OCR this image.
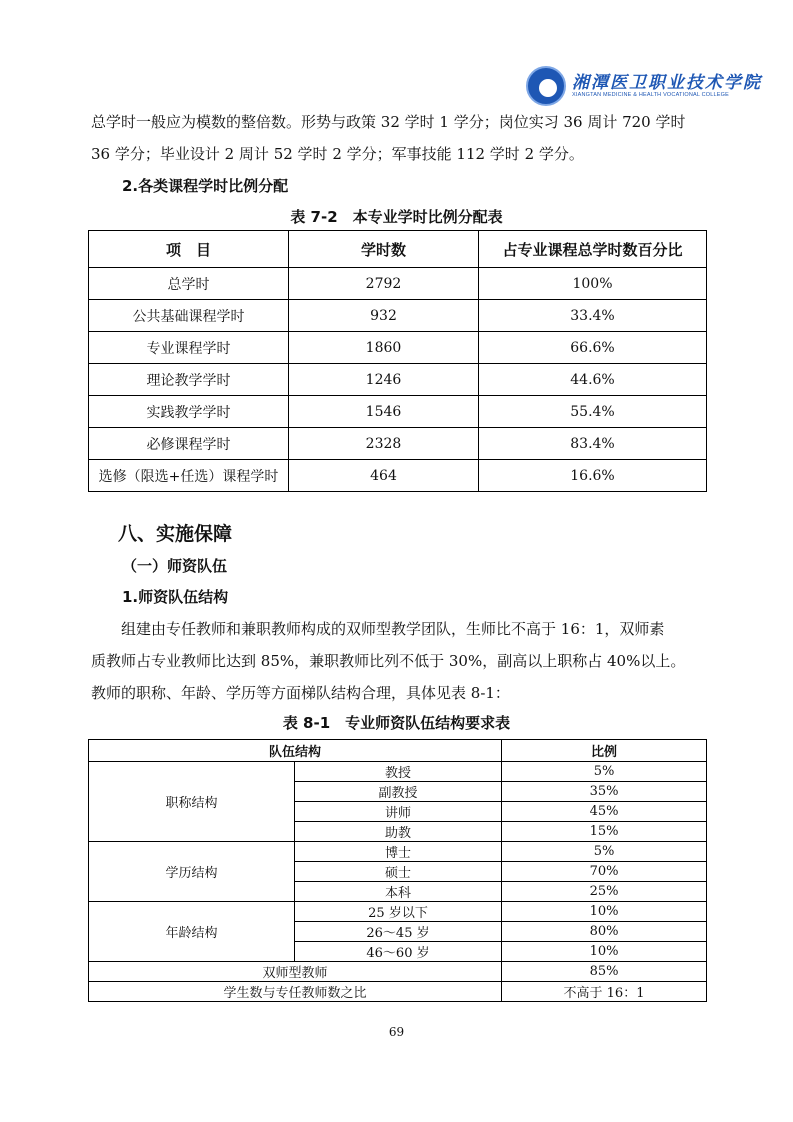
湘潭医卫职业技术学院
XIANGTAN MEDICINE & HEALTH VOCATIONAL COLLEGE

总学时一般应为模数的整倍数。形势与政策 32 学时 1 学分；岗位实习 36 周计 720 学时
36 学分；毕业设计 2 周计 52 学时 2 学分；军事技能 112 学时 2 学分。

2.各类课程学时比例分配

表 7-2　本专业学时比例分配表

项　目	学时数	占专业课程总学时数百分比
总学时	2792	100%
公共基础课程学时	932	33.4%
专业课程学时	1860	66.6%
理论教学学时	1246	44.6%
实践教学学时	1546	55.4%
必修课程学时	2328	83.4%
选修（限选+任选）课程学时	464	16.6%
八、实施保障
（一）师资队伍
1.师资队伍结构

组建由专任教师和兼职教师构成的双师型教学团队，生师比不高于 16：1，双师素
质教师占专业教师比达到 85%，兼职教师比列不低于 30%，副高以上职称占 40%以上。
教师的职称、年龄、学历等方面梯队结构合理，具体见表 8-1：

表 8-1　专业师资队伍结构要求表

队伍结构		比例
职称结构	教授	5%
	副教授	35%
	讲师	45%
	助教	15%
学历结构	博士	5%
	硕士	70%
	本科	25%
年龄结构	25 岁以下	10%
	26～45 岁	80%
	46～60 岁	10%
双师型教师		85%
学生数与专任教师数之比		不高于 16：1
69
